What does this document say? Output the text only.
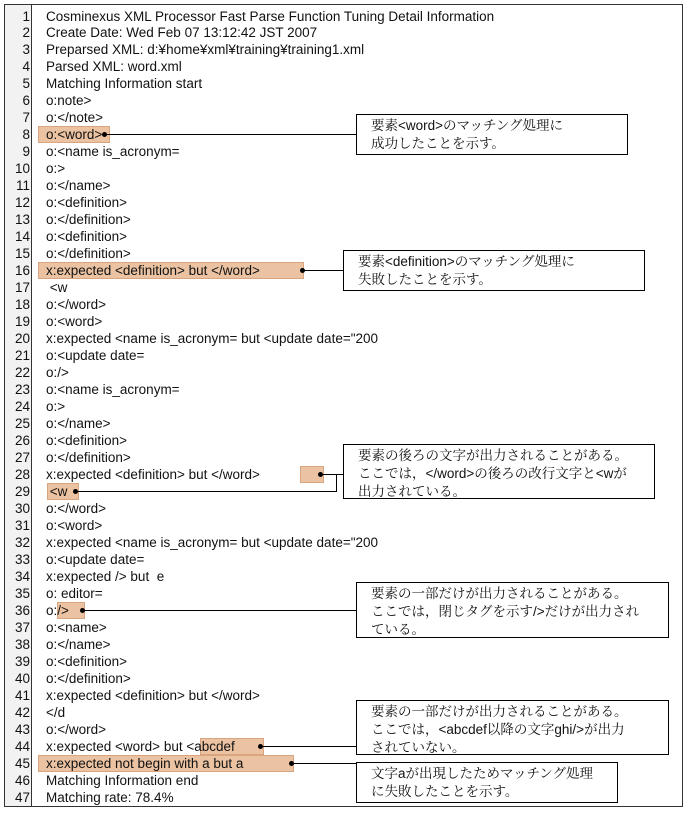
1 Cosminexus XML Processor Fast Parse Function Tuning Detail Information
2 Create Date: Wed Feb 07 13:12:42 JST 2007
3 Preparsed XML: d:¥home¥xml¥training¥training1.xml
4 Parsed XML: word.xml
5 Matching Information start
6 o:note>
7 o:</note>
8 o:<word>
9 o:<name is_acronym=
10 o:>
11 o:</name>
12 o:<definition>
13 o:</definition>
14 o:<definition>
15 o:</definition>
16 x:expected <definition> but </word>
17 <w
18 o:</word>
19 o:<word>
20 x:expected <name is_acronym= but <update date="200
21 o:<update date=
22 o:/>
23 o:<name is_acronym=
24 o:>
25 o:</name>
26 o:<definition>
27 o:</definition>
28 x:expected <definition> but </word>
29 <w
30 o:</word>
31 o:<word>
32 x:expected <name is_acronym= but <update date="200
33 o:<update date=
34 x:expected /> but  e
35 o: editor=
36 o:/>
37 o:<name>
38 o:</name>
39 o:<definition>
40 o:</definition>
41 x:expected <definition> but </word>
42 </d
43 o:</word>
44 x:expected <word> but <abcdef
45 x:expected not begin with a but a
46 Matching Information end
47 Matching rate: 78.4%
要素<word>のマッチング処理に
成功したことを示す。
要素<definition>のマッチング処理に
失敗したことを示す。
要素の後ろの文字が出力されることがある。
ここでは，</word>の後ろの改行文字と<wが
出力されている。
要素の一部だけが出力されることがある。
ここでは，閉じタグを示す/>だけが出力され
ている。
要素の一部だけが出力されることがある。
ここでは，<abcdef以降の文字ghi/>が出力
されていない。
文字aが出現したためマッチング処理
に失敗したことを示す。
